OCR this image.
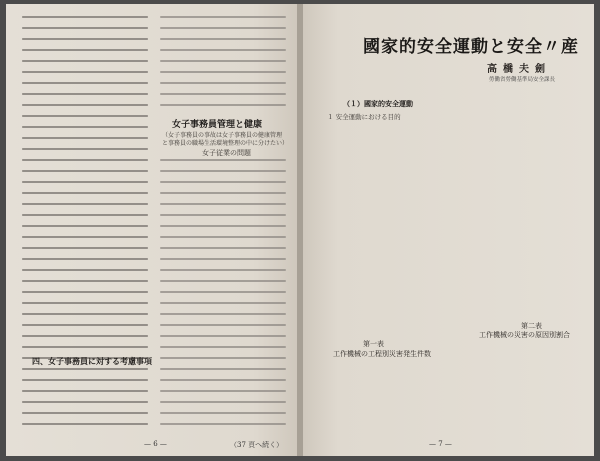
女子事務員管理と健康
（女子事務員の事故は女子事務員の健康管理
と事務員の職場生活環境整理の中に分けたい）
女子従業の問題
四、女子事務員に対する考慮事項
— 6 —	（37 頁へ続く）
國家的安全運動と安全〃産
高橋夫劍
勞働省勞働基準局安全課長
（１）國家的安全運動
１ 安全運動における目的
第一表
工作機械の工程別災害発生件数
第二表
工作機械の災害の原因別割合
— 7 —
